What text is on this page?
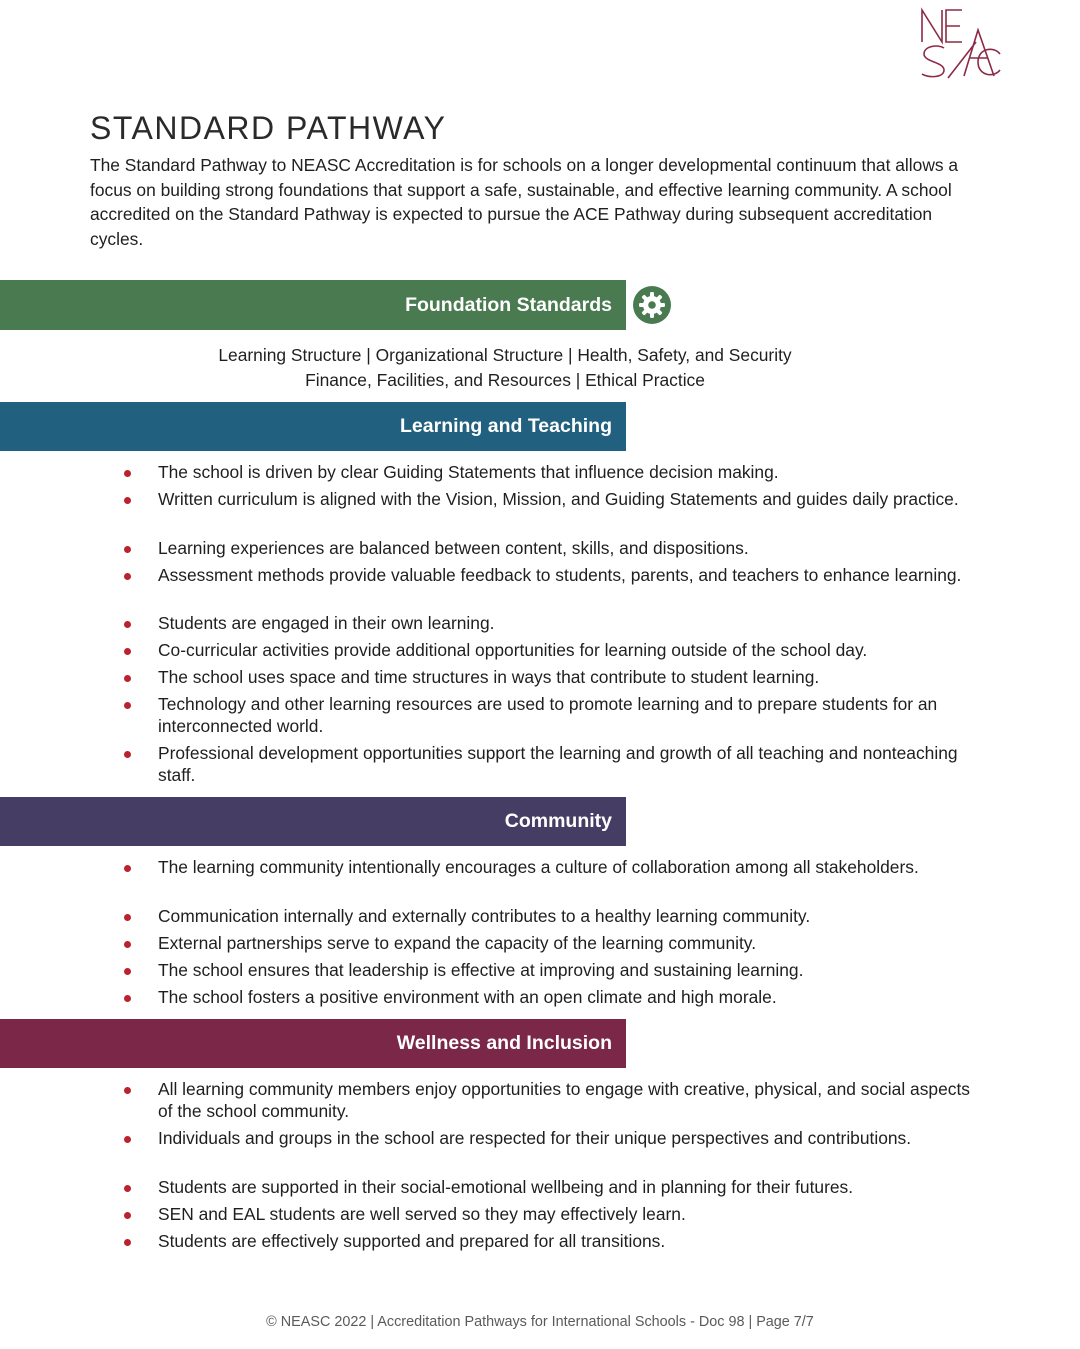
STANDARD PATHWAY

The Standard Pathway to NEASC Accreditation is for schools on a longer developmental continuum that allows a focus on building strong foundations that support a safe, sustainable, and effective learning community. A school accredited on the Standard Pathway is expected to pursue the ACE Pathway during subsequent accreditation cycles.

Foundation Standards
Learning Structure | Organizational Structure | Health, Safety, and Security
Finance, Facilities, and Resources | Ethical Practice
Learning and Teaching
The school is driven by clear Guiding Statements that influence decision making.
Written curriculum is aligned with the Vision, Mission, and Guiding Statements and guides daily practice.
Learning experiences are balanced between content, skills, and dispositions.
Assessment methods provide valuable feedback to students, parents, and teachers to enhance learning.
Students are engaged in their own learning.
Co-curricular activities provide additional opportunities for learning outside of the school day.
The school uses space and time structures in ways that contribute to student learning.
Technology and other learning resources are used to promote learning and to prepare students for an interconnected world.
Professional development opportunities support the learning and growth of all teaching and nonteaching staff.
Community
The learning community intentionally encourages a culture of collaboration among all stakeholders.
Communication internally and externally contributes to a healthy learning community.
External partnerships serve to expand the capacity of the learning community.
The school ensures that leadership is effective at improving and sustaining learning.
The school fosters a positive environment with an open climate and high morale.
Wellness and Inclusion
All learning community members enjoy opportunities to engage with creative, physical, and social aspects of the school community.
Individuals and groups in the school are respected for their unique perspectives and contributions.
Students are supported in their social-emotional wellbeing and in planning for their futures.
SEN and EAL students are well served so they may effectively learn.
Students are effectively supported and prepared for all transitions.
© NEASC 2022 | Accreditation Pathways for International Schools - Doc 98 | Page 7/7
